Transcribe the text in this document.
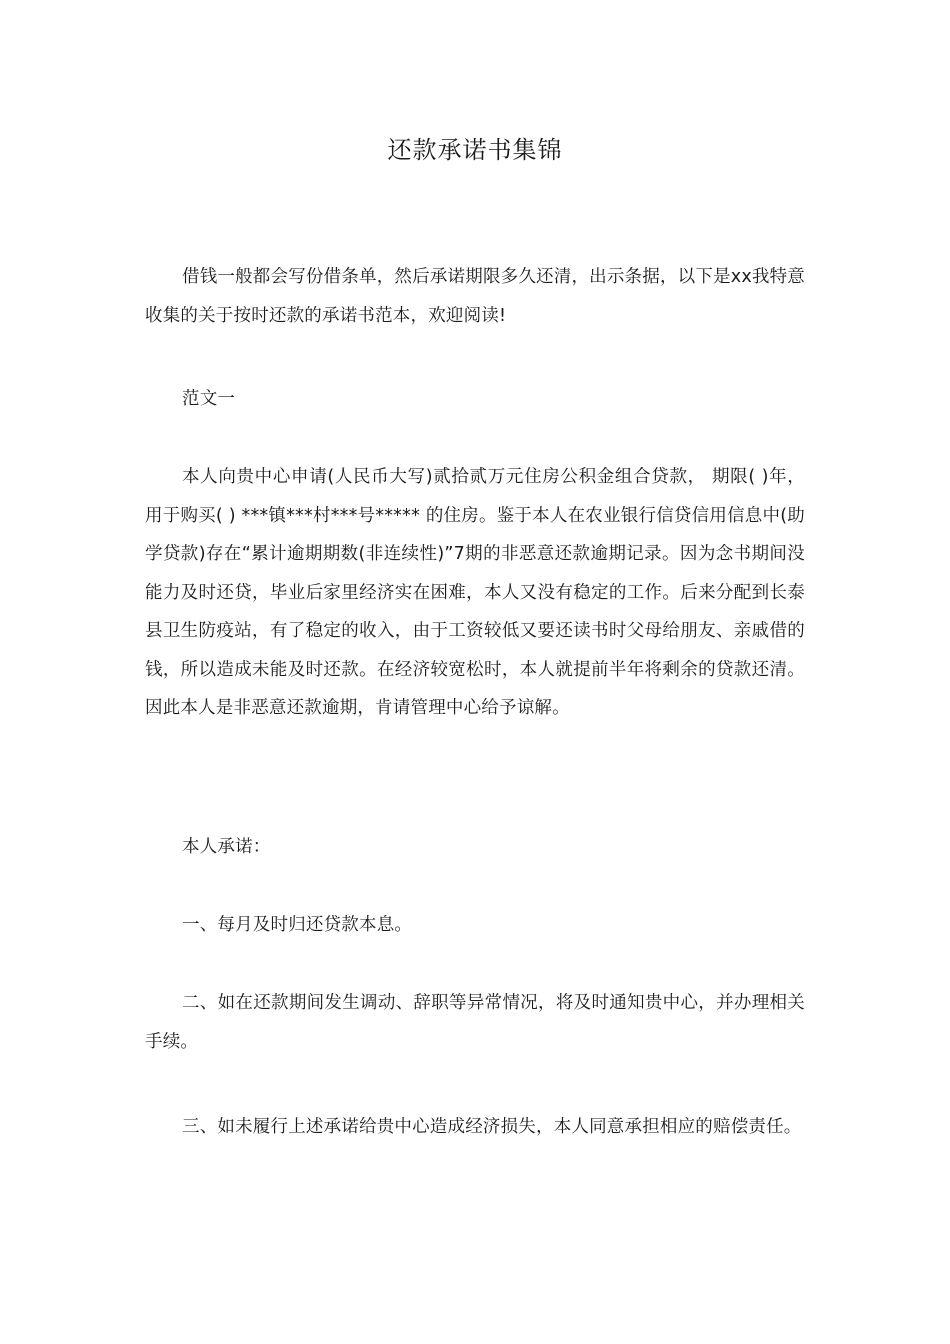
还款承诺书集锦

借钱一般都会写份借条单，然后承诺期限多久还清，出示条据，以下是xx我特意收集的关于按时还款的承诺书范本，欢迎阅读!

范文一

本人向贵中心申请(人民币大写)贰拾贰万元住房公积金组合贷款， 期限( )年，用于购买( ) ***镇***村***号***** 的住房。鉴于本人在农业银行信贷信用信息中(助学贷款)存在“累计逾期期数(非连续性)”7期的非恶意还款逾期记录。因为念书期间没能力及时还贷，毕业后家里经济实在困难，本人又没有稳定的工作。后来分配到长泰县卫生防疫站，有了稳定的收入，由于工资较低又要还读书时父母给朋友、亲戚借的钱，所以造成未能及时还款。在经济较宽松时，本人就提前半年将剩余的贷款还清。因此本人是非恶意还款逾期，肯请管理中心给予谅解。

本人承诺：

一、每月及时归还贷款本息。

二、如在还款期间发生调动、辞职等异常情况，将及时通知贵中心，并办理相关手续。

三、如未履行上述承诺给贵中心造成经济损失，本人同意承担相应的赔偿责任。
